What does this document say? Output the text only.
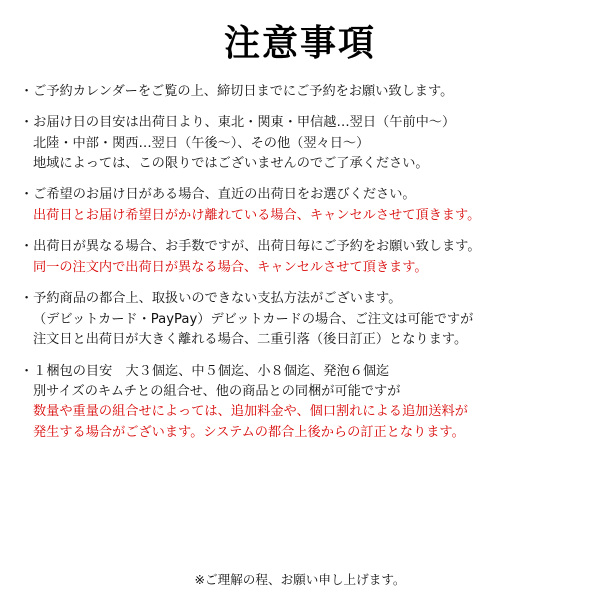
注意事項
・ご予約カレンダーをご覧の上、締切日までにご予約をお願い致します。
・お届け日の目安は出荷日より、東北・関東・甲信越…翌日（午前中〜）
北陸・中部・関西…翌日（午後〜）、その他（翌々日〜）
地域によっては、この限りではございませんのでご了承ください。
・ご希望のお届け日がある場合、直近の出荷日をお選びください。
出荷日とお届け希望日がかけ離れている場合、キャンセルさせて頂きます。
・出荷日が異なる場合、お手数ですが、出荷日毎にご予約をお願い致します。
同一の注文内で出荷日が異なる場合、キャンセルさせて頂きます。
・予約商品の都合上、取扱いのできない支払方法がございます。
（デビットカード・PayPay）デビットカードの場合、ご注文は可能ですが
注文日と出荷日が大きく離れる場合、二重引落（後日訂正）となります。
・１梱包の目安　大３個迄、中５個迄、小８個迄、発泡６個迄
別サイズのキムチとの組合せ、他の商品との同梱が可能ですが
数量や重量の組合せによっては、追加料金や、個口割れによる追加送料が
発生する場合がございます。システムの都合上後からの訂正となります。
※ご理解の程、お願い申し上げます。
